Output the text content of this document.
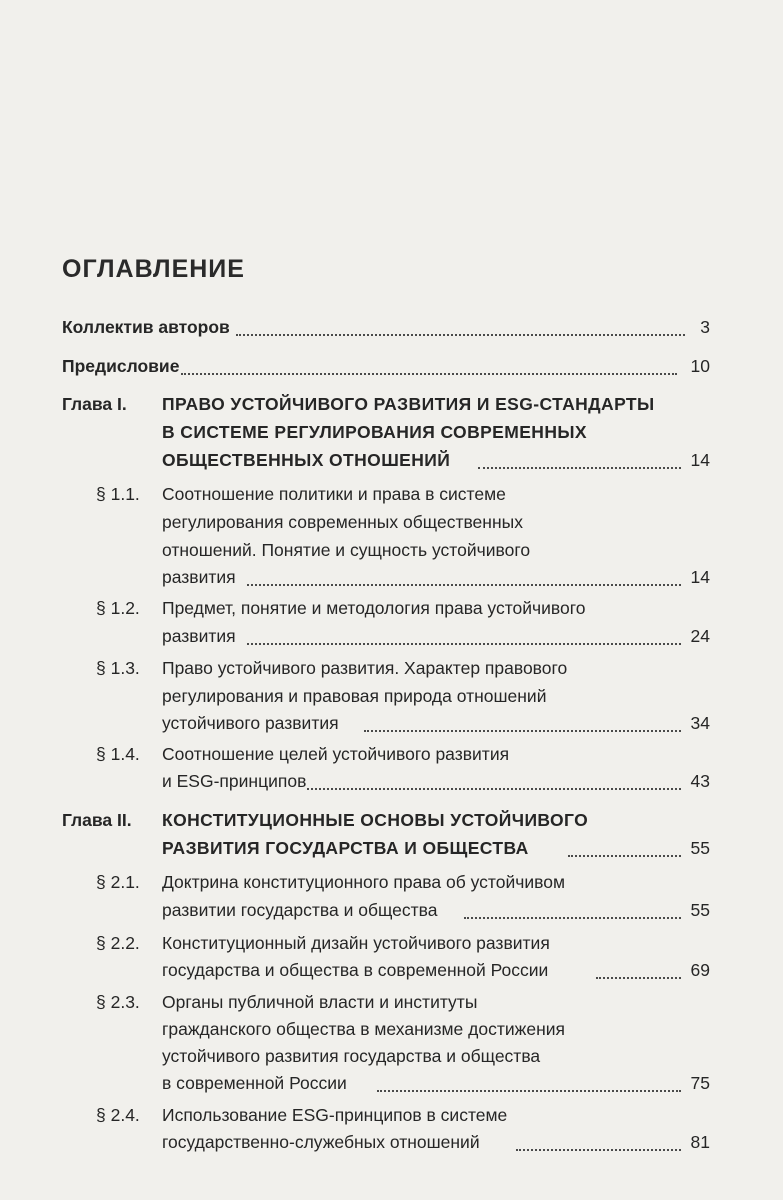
ОГЛАВЛЕНИЕ
Коллектив авторов	3
Предисловие	10
Глава I. ПРАВО УСТОЙЧИВОГО РАЗВИТИЯ И ESG-СТАНДАРТЫ
В СИСТЕМЕ РЕГУЛИРОВАНИЯ СОВРЕМЕННЫХ
ОБЩЕСТВЕННЫХ ОТНОШЕНИЙ	14
§ 1.1. Соотношение политики и права в системе
регулирования современных общественных
отношений. Понятие и сущность устойчивого
развития	14
§ 1.2. Предмет, понятие и методология права устойчивого
развития	24
§ 1.3. Право устойчивого развития. Характер правового
регулирования и правовая природа отношений
устойчивого развития	34
§ 1.4. Соотношение целей устойчивого развития
и ESG-принципов	43
Глава II. КОНСТИТУЦИОННЫЕ ОСНОВЫ УСТОЙЧИВОГО
РАЗВИТИЯ ГОСУДАРСТВА И ОБЩЕСТВА	55
§ 2.1. Доктрина конституционного права об устойчивом
развитии государства и общества	55
§ 2.2. Конституционный дизайн устойчивого развития
государства и общества в современной России	69
§ 2.3. Органы публичной власти и институты
гражданского общества в механизме достижения
устойчивого развития государства и общества
в современной России	75
§ 2.4. Использование ESG-принципов в системе
государственно-служебных отношений	81
